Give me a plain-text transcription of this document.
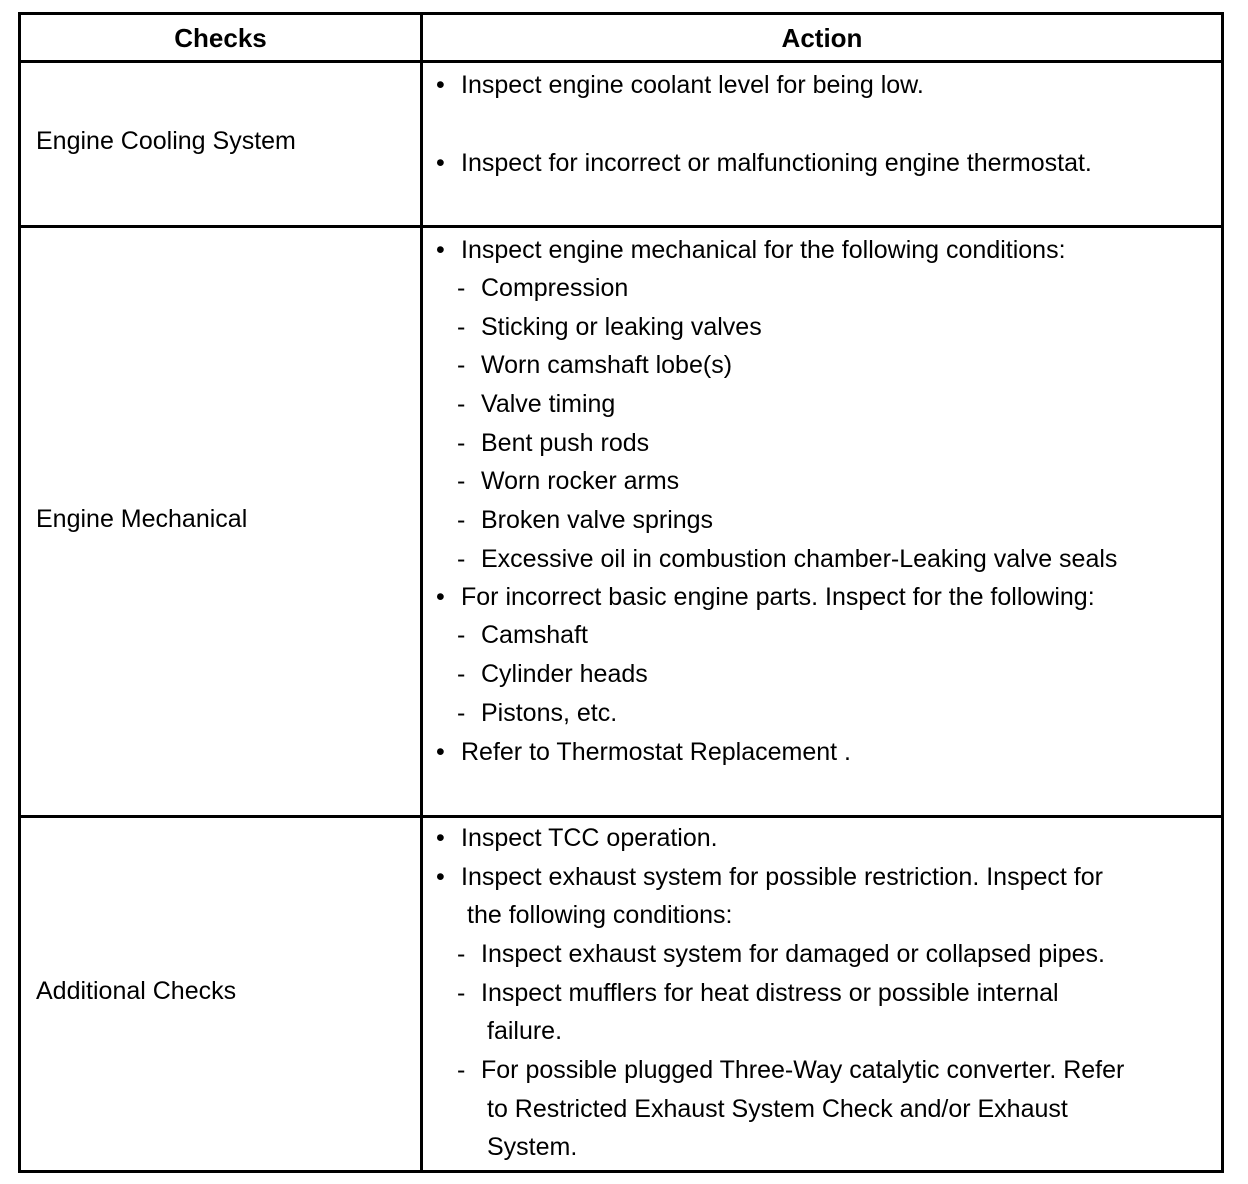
Checks	Action
Engine Cooling System
• Inspect engine coolant level for being low.
• Inspect for incorrect or malfunctioning engine thermostat.
Engine Mechanical
• Inspect engine mechanical for the following conditions:
- Compression
- Sticking or leaking valves
- Worn camshaft lobe(s)
- Valve timing
- Bent push rods
- Worn rocker arms
- Broken valve springs
- Excessive oil in combustion chamber-Leaking valve seals
• For incorrect basic engine parts. Inspect for the following:
- Camshaft
- Cylinder heads
- Pistons, etc.
• Refer to Thermostat Replacement .
Additional Checks
• Inspect TCC operation.
• Inspect exhaust system for possible restriction. Inspect for
the following conditions:
- Inspect exhaust system for damaged or collapsed pipes.
- Inspect mufflers for heat distress or possible internal
failure.
- For possible plugged Three-Way catalytic converter. Refer
to Restricted Exhaust System Check and/or Exhaust
System.
